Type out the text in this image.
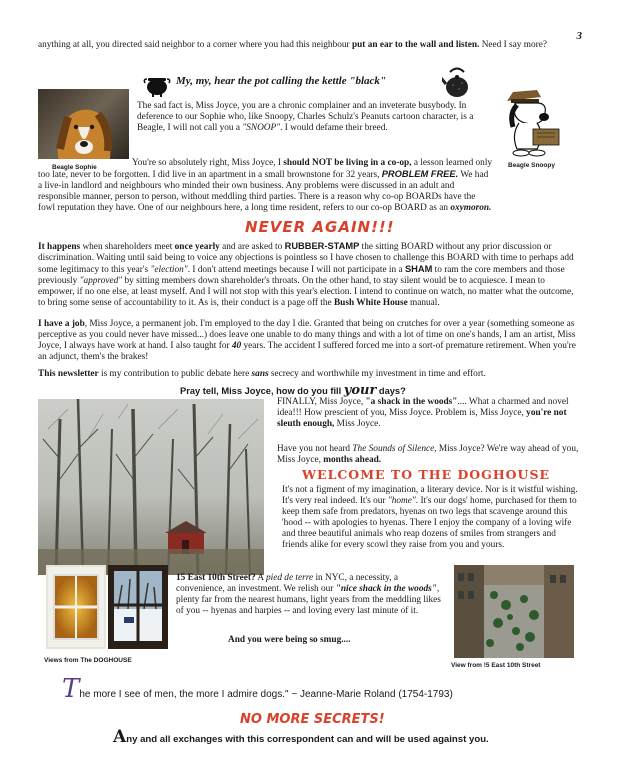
3

anything at all, you directed said neighbor to a corner where you had this neighbour put an ear to the wall and listen. Need I say more?

My, my, hear the pot calling the kettle "black"
Beagle Sophie

The sad fact is, Miss Joyce, you are a chronic complainer and an inveterate busybody. In deference to our Sophie who, like Snoopy, Charles Schulz's Peanuts cartoon character, is a Beagle, I will not call you a "SNOOP". I would defame their breed.

Beagle Snoopy

You're so absolutely right, Miss Joyce, I should NOT be living in a co-op, a lesson learned only too late, never to be forgotten. I did live in an apartment in a small brownstone for 32 years, PROBLEM FREE. We had a live-in landlord and neighbours who minded their own business. Any problems were discussed in an adult and responsible manner, person to person, without meddling third parties. There is a reason why co-op BOARDs have the fowl reputation they have. One of our neighbours here, a long time resident, refers to our co-op BOARD as an oxymoron.

NEVER AGAIN!!!

It happens when shareholders meet once yearly and are asked to RUBBER-STAMP the sitting BOARD without any prior discussion or discrimination. Waiting until said being to voice any objections is pointless so I have chosen to challenge this BOARD with time to perhaps add some legitimacy to this year's "election". I don't attend meetings because I will not participate in a SHAM to ram the core members and those previously "approved" by sitting members down shareholder's throats. On the other hand, to stay silent would be to acquiesce. I mean to empower, if no one else, at least myself. And I will not stop with this year's election. I intend to continue on watch, no matter what the outcome, to bring some sense of accountability to it. As is, their conduct is a page off the Bush White House manual.

I have a job, Miss Joyce, a permanent job. I'm employed to the day I die. Granted that being on crutches for over a year (something someone as perceptive as you could never have missed...) does leave one unable to do many things and with a lot of time on one's hands, I am an artist, Miss Joyce, I always have work at hand. I also taught for 40 years. The accident I suffered forced me into a sort-of premature retirement. When you're an adjunct, them's the brakes!

This newsletter is my contribution to public debate here sans secrecy and worthwhile my investment in time and effort.

Pray tell, Miss Joyce, how do you fill your days?

FINALLY, Miss Joyce, "a shack in the woods".... What a charmed and novel idea!!! How prescient of you, Miss Joyce. Problem is, Miss Joyce, you're not sleuth enough, Miss Joyce.

Have you not heard The Sounds of Silence, Miss Joyce? We're way ahead of you, Miss Joyce, months ahead.

WELCOME TO THE DOGHOUSE

It's not a figment of my imagination, a literary device. Nor is it wistful wishing. It's very real indeed. It's our "home". It's our dogs' home, purchased for them to keep them safe from predators, hyenas on two legs that scavenge around this 'hood -- with apologies to hyenas. There I enjoy the company of a loving wife and three beautiful animals who reap dozens of smiles from strangers and friends alike for every scowl they raise from you and yours.

Views from The DOGHOUSE

15 East 10th Street? A pied de terre in NYC, a necessity, a convenience, an investment. We relish our "nice shack in the woods", plenty far from the nearest humans, light years from the meddling likes of you -- hyenas and harpies -- and loving every last minute of it.

And you were being so smug....

View from !5 East 10th Street
The more I see of men, the more I admire dogs." ~ Jeanne-Marie Roland (1754-1793)
NO MORE SECRETS!
Any and all exchanges with this correspondent can and will be used against you.
